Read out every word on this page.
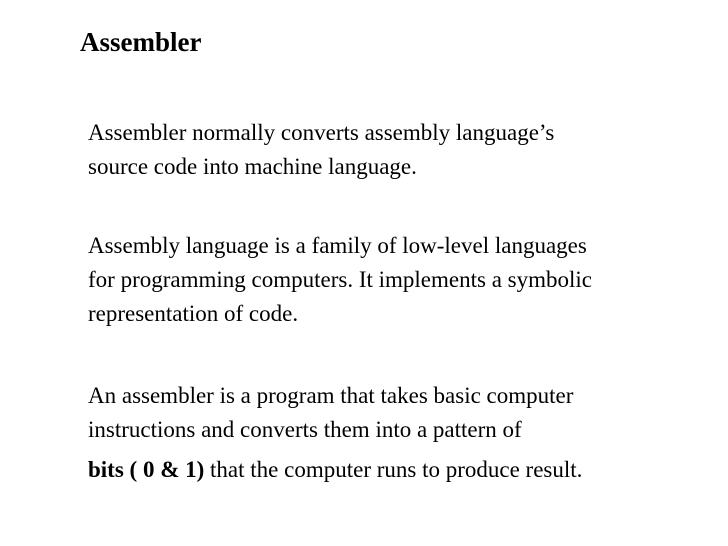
Assembler
Assembler normally converts assembly language’s
source code into machine language.
Assembly language is a family of low-level languages
for programming computers. It implements a symbolic
representation of code.
An assembler is a program that takes basic computer
instructions and converts them into a pattern of
bits ( 0 & 1) that the computer runs to produce result.
